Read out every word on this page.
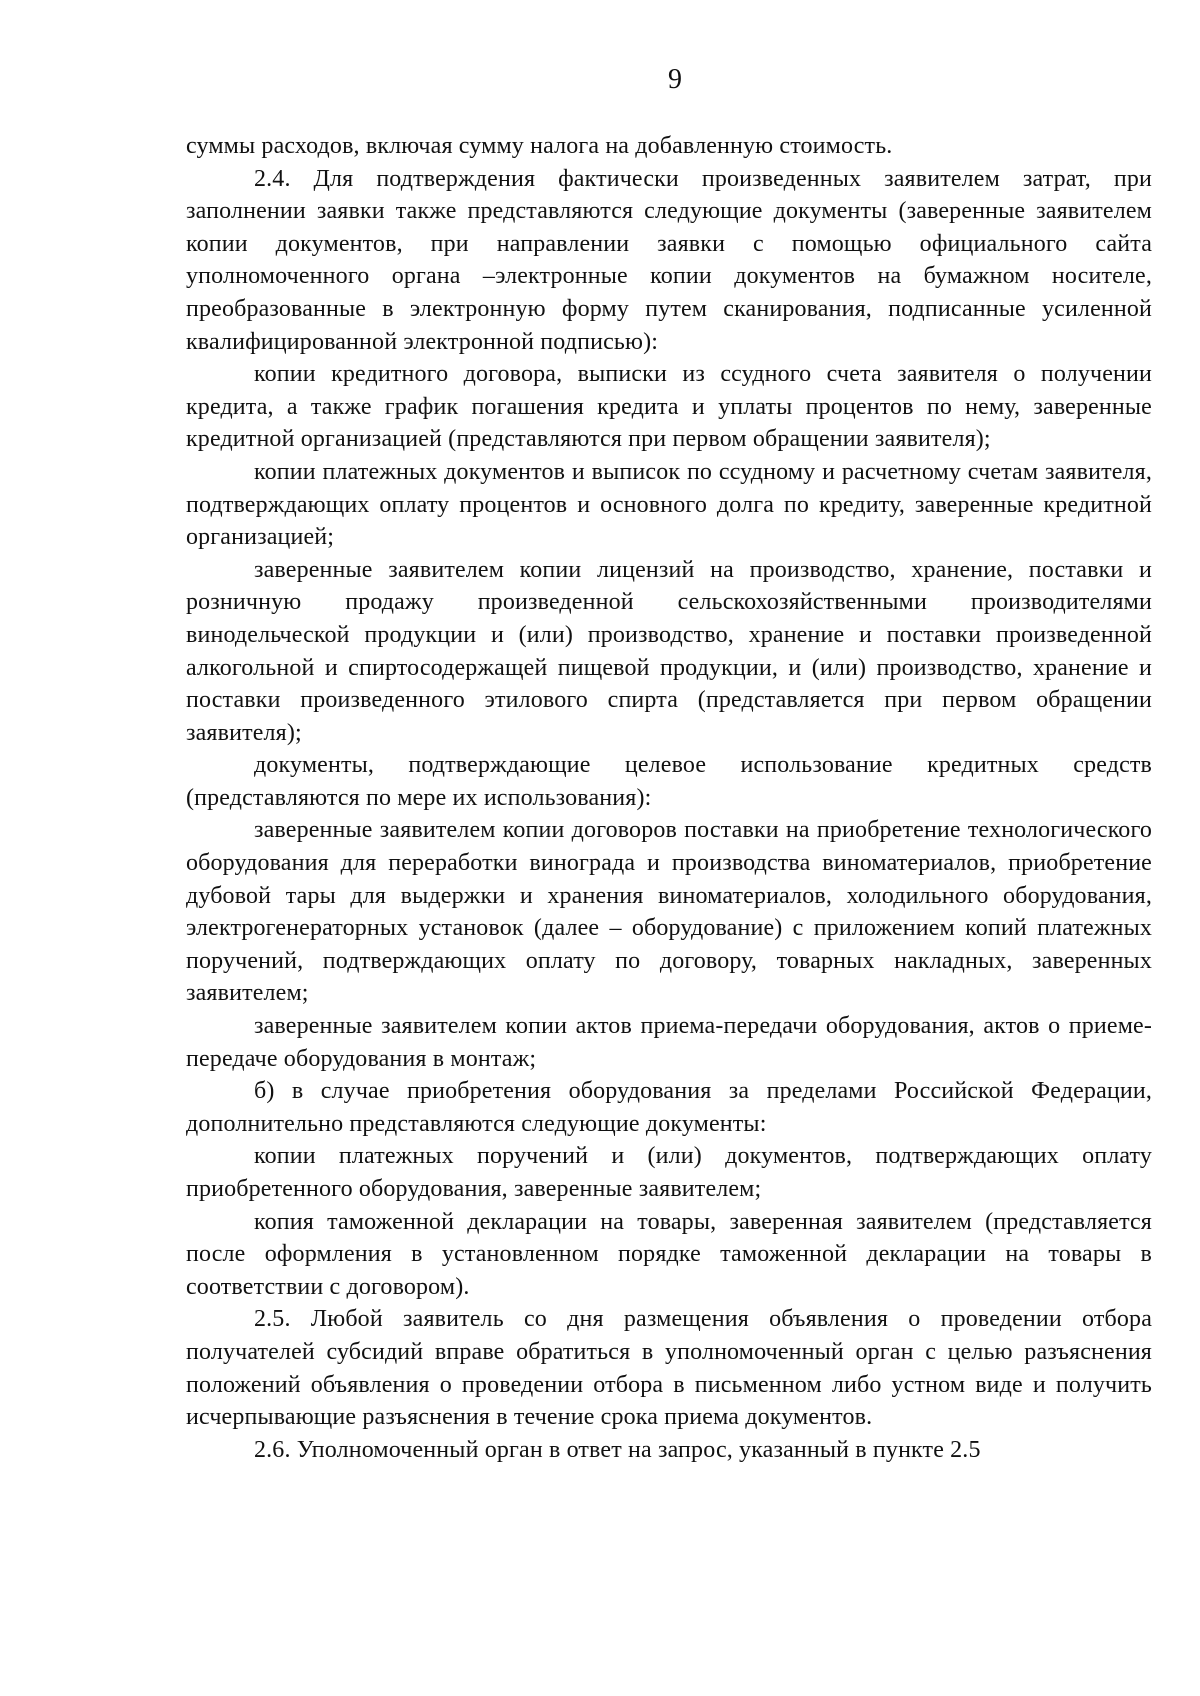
9

суммы расходов, включая сумму налога на добавленную стоимость.

2.4. Для подтверждения фактически произведенных заявителем затрат, при заполнении заявки также представляются следующие документы (заверенные заявителем копии документов, при направлении заявки с помощью официального сайта уполномоченного органа –электронные копии документов на бумажном носителе, преобразованные в электронную форму путем сканирования, подписанные усиленной квалифицированной электронной подписью):

копии кредитного договора, выписки из ссудного счета заявителя о получении кредита, а также график погашения кредита и уплаты процентов по нему, заверенные кредитной организацией (представляются при первом обращении заявителя);

копии платежных документов и выписок по ссудному и расчетному счетам заявителя, подтверждающих оплату процентов и основного долга по кредиту, заверенные кредитной организацией;

заверенные заявителем копии лицензий на производство, хранение, поставки и розничную продажу произведенной сельскохозяйственными производителями винодельческой продукции и (или) производство, хранение и поставки произведенной алкогольной и спиртосодержащей пищевой продукции, и (или) производство, хранение и поставки произведенного этилового спирта (представляется при первом обращении заявителя);

документы, подтверждающие целевое использование кредитных средств (представляются по мере их использования):

заверенные заявителем копии договоров поставки на приобретение технологического оборудования для переработки винограда и производства виноматериалов, приобретение дубовой тары для выдержки и хранения виноматериалов, холодильного оборудования, электрогенераторных установок (далее – оборудование) с приложением копий платежных поручений, подтверждающих оплату по договору, товарных накладных, заверенных заявителем;

заверенные заявителем копии актов приема-передачи оборудования, актов о приеме-передаче оборудования в монтаж;

б) в случае приобретения оборудования за пределами Российской Федерации, дополнительно представляются следующие документы:

копии платежных поручений и (или) документов, подтверждающих оплату приобретенного оборудования, заверенные заявителем;

копия таможенной декларации на товары, заверенная заявителем (представляется после оформления в установленном порядке таможенной декларации на товары в соответствии с договором).

2.5. Любой заявитель со дня размещения объявления о проведении отбора получателей субсидий вправе обратиться в уполномоченный орган с целью разъяснения положений объявления о проведении отбора в письменном либо устном виде и получить исчерпывающие разъяснения в течение срока приема документов.

2.6. Уполномоченный орган в ответ на запрос, указанный в пункте 2.5
